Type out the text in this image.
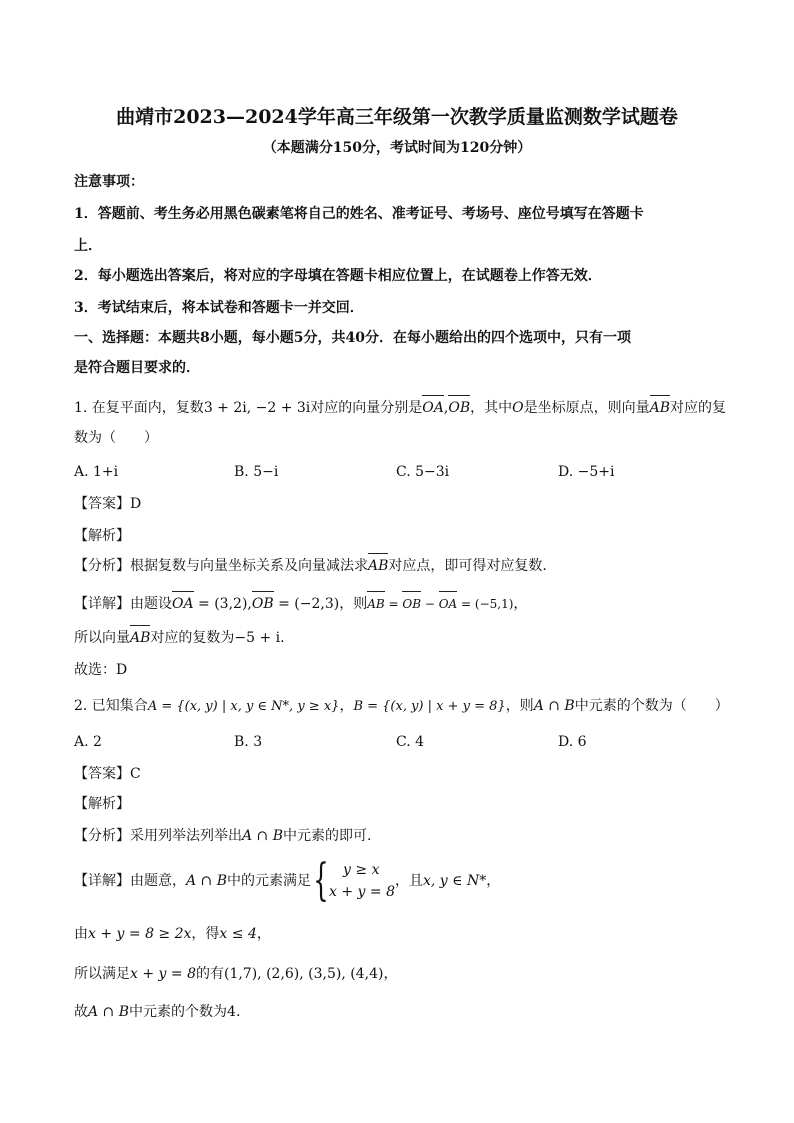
曲靖市2023—2024学年高三年级第一次教学质量监测数学试题卷
（本题满分150分，考试时间为120分钟）
注意事项：
1．答题前、考生务必用黑色碳素笔将自己的姓名、准考证号、考场号、座位号填写在答题卡
上．
2．每小题选出答案后，将对应的字母填在答题卡相应位置上，在试题卷上作答无效．
3．考试结束后，将本试卷和答题卡一并交回．
一、选择题：本题共8小题，每小题5分，共40分．在每小题给出的四个选项中，只有一项
是符合题目要求的．
1. 在复平面内，复数3 + 2i, −2 + 3i对应的向量分别是OA,OB，其中O是坐标原点，则向量AB对应的复
数为（　　）
A. 1+i	B. 5−i	C. 5−3i	D. −5+i
【答案】D
【解析】
【分析】根据复数与向量坐标关系及向量减法求AB对应点，即可得对应复数.
【详解】由题设OA = (3,2),OB = (−2,3)，则AB = OB − OA = (−5,1)，
所以向量AB对应的复数为−5 + i.
故选：D
2. 已知集合A = {(x, y) | x, y ∈ N*, y ≥ x}，B = {(x, y) | x + y = 8}，则A ∩ B中元素的个数为（　　）
A. 2	B. 3	C. 4	D. 6
【答案】C
【解析】
【分析】采用列举法列举出A ∩ B中元素的即可.
【详解】由题意，A ∩ B中的元素满足{	y ≥ x
x + y = 8
，且x, y ∈ N*，
由x + y = 8 ≥ 2x，得x ≤ 4，
所以满足x + y = 8的有(1,7), (2,6), (3,5), (4,4)，
故A ∩ B中元素的个数为4.
